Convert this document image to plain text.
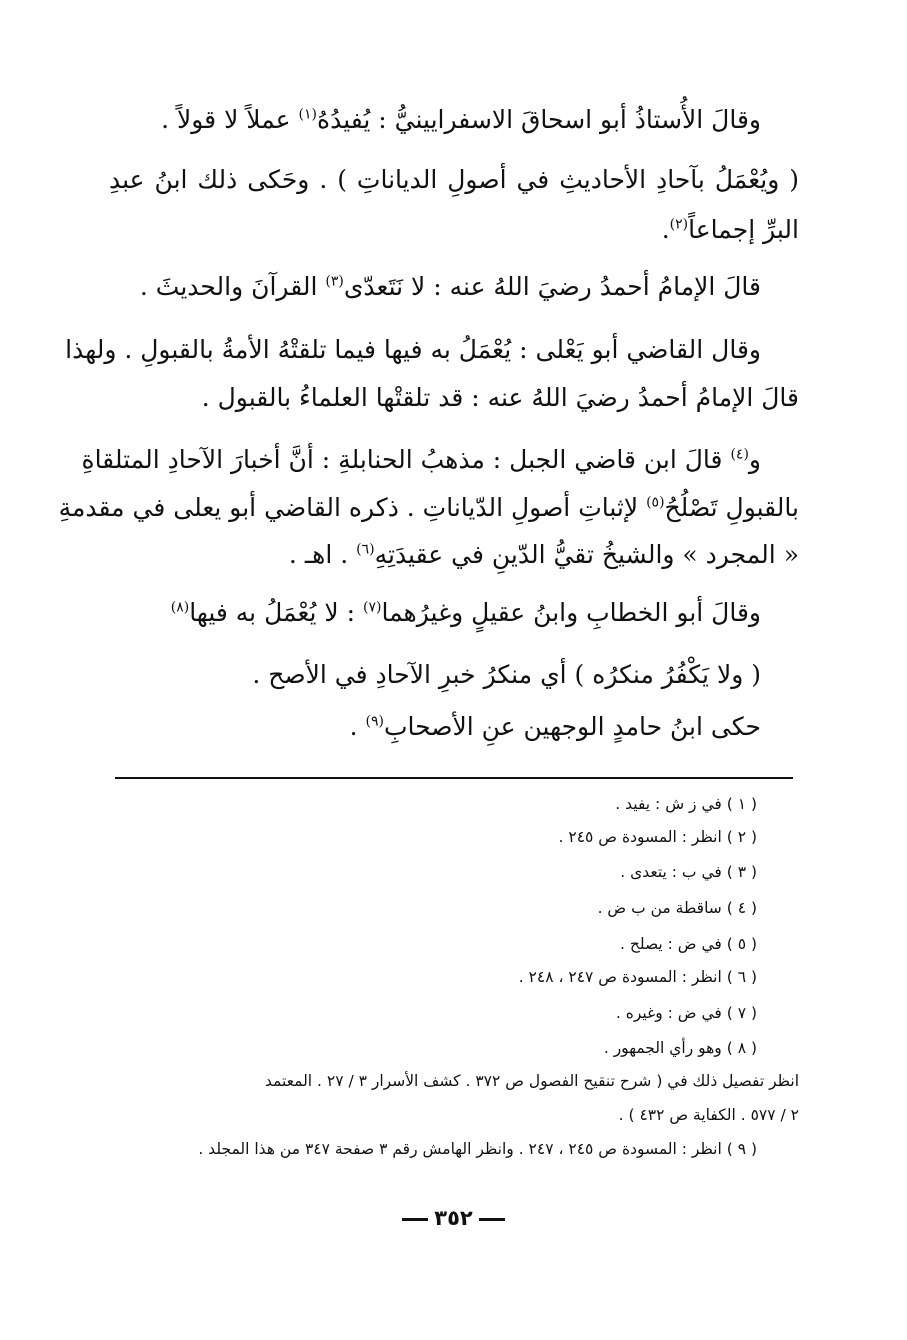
وقالَ الأُستاذُ أبو اسحاقَ الاسفرايينيُّ : يُفيدُهُ$^{(١)}$ عملاً لا قولاً .
( ويُعْمَلُ بآحادِ الأحاديثِ في أصولِ الدياناتِ ) . وحَكى ذلك ابنُ عبدِ
البرِّ إجماعاً$^{(٢)}$.
قالَ الإمامُ أحمدُ رضيَ اللهُ عنه : لا نَتَعدّى$^{(٣)}$ القرآنَ والحديثَ .
وقال القاضي أبو يَعْلى : يُعْمَلُ به فيها فيما تلقتْهُ الأمةُ بالقبولِ . ولهذا
قالَ الإمامُ أحمدُ رضيَ اللهُ عنه : قد تلقتْها العلماءُ بالقبول .
و$^{(٤)}$ قالَ ابن قاضي الجبل : مذهبُ الحنابلةِ : أنَّ أخبارَ الآحادِ المتلقاةِ
بالقبولِ تَصْلُحُ$^{(٥)}$ لإثباتِ أصولِ الدّياناتِ . ذكره القاضي أبو يعلى في مقدمةِ
« المجرد » والشيخُ تقيُّ الدّينِ في عقيدَتِهِ$^{(٦)}$ . اهـ .
وقالَ أبو الخطابِ وابنُ عقيلٍ وغيرُهما$^{(٧)}$ : لا يُعْمَلُ به فيها$^{(٨)}$
( ولا يَكْفُرُ منكرُه ) أي منكرُ خبرِ الآحادِ في الأصح .
حكى ابنُ حامدٍ الوجهين عنِ الأصحابِ$^{(٩)}$ .
( ١ ) في ز ش : يفيد .
( ٢ ) انظر : المسودة ص ٢٤٥ .
( ٣ ) في ب : يتعدى .
( ٤ ) ساقطة من ب ض .
( ٥ ) في ض : يصلح .
( ٦ ) انظر : المسودة ص ٢٤٧ ، ٢٤٨ .
( ٧ ) في ض : وغيره .
( ٨ ) وهو رأي الجمهور .
انظر تفصيل ذلك في ( شرح تنقيح الفصول ص ٣٧٢ . كشف الأسرار ٣ / ٢٧ . المعتمد
٢ / ٥٧٧ . الكفاية ص ٤٣٢ ) .
( ٩ ) انظر : المسودة ص ٢٤٥ ، ٢٤٧ . وانظر الهامش رقم ٣ صفحة ٣٤٧ من هذا المجلد .
٣٥٢
